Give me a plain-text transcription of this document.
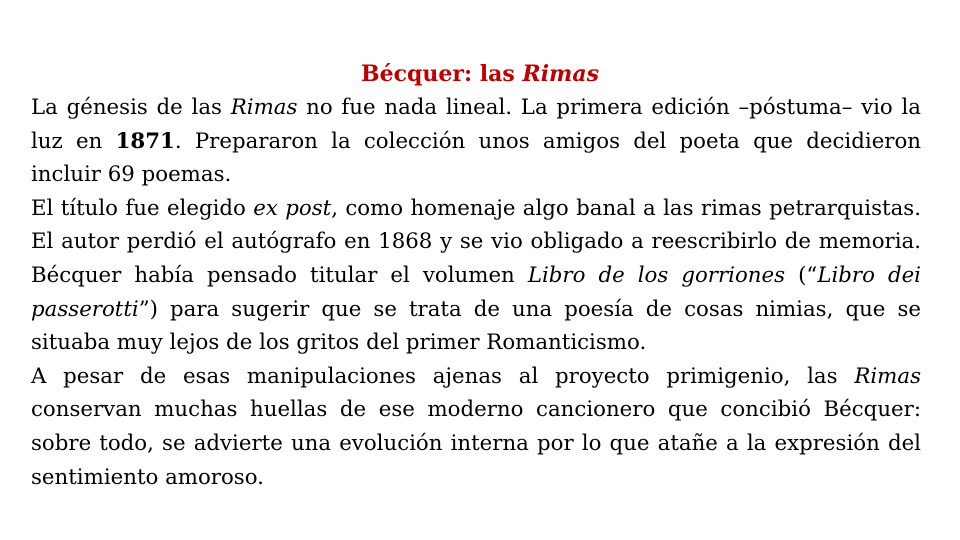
Bécquer: las Rimas

La génesis de las Rimas no fue nada lineal. La primera edición –póstuma– vio la luz en 1871. Prepararon la colección unos amigos del poeta que decidieron incluir 69 poemas.

El título fue elegido ex post, como homenaje algo banal a las rimas petrarquistas. El autor perdió el autógrafo en 1868 y se vio obligado a reescribirlo de memoria. Bécquer había pensado titular el volumen Libro de los gorriones (“Libro dei passerotti”) para sugerir que se trata de una poesía de cosas nimias, que se situaba muy lejos de los gritos del primer Romanticismo.

A pesar de esas manipulaciones ajenas al proyecto primigenio, las Rimas conservan muchas huellas de ese moderno cancionero que concibió Bécquer: sobre todo, se advierte una evolución interna por lo que atañe a la expresión del sentimiento amoroso.
